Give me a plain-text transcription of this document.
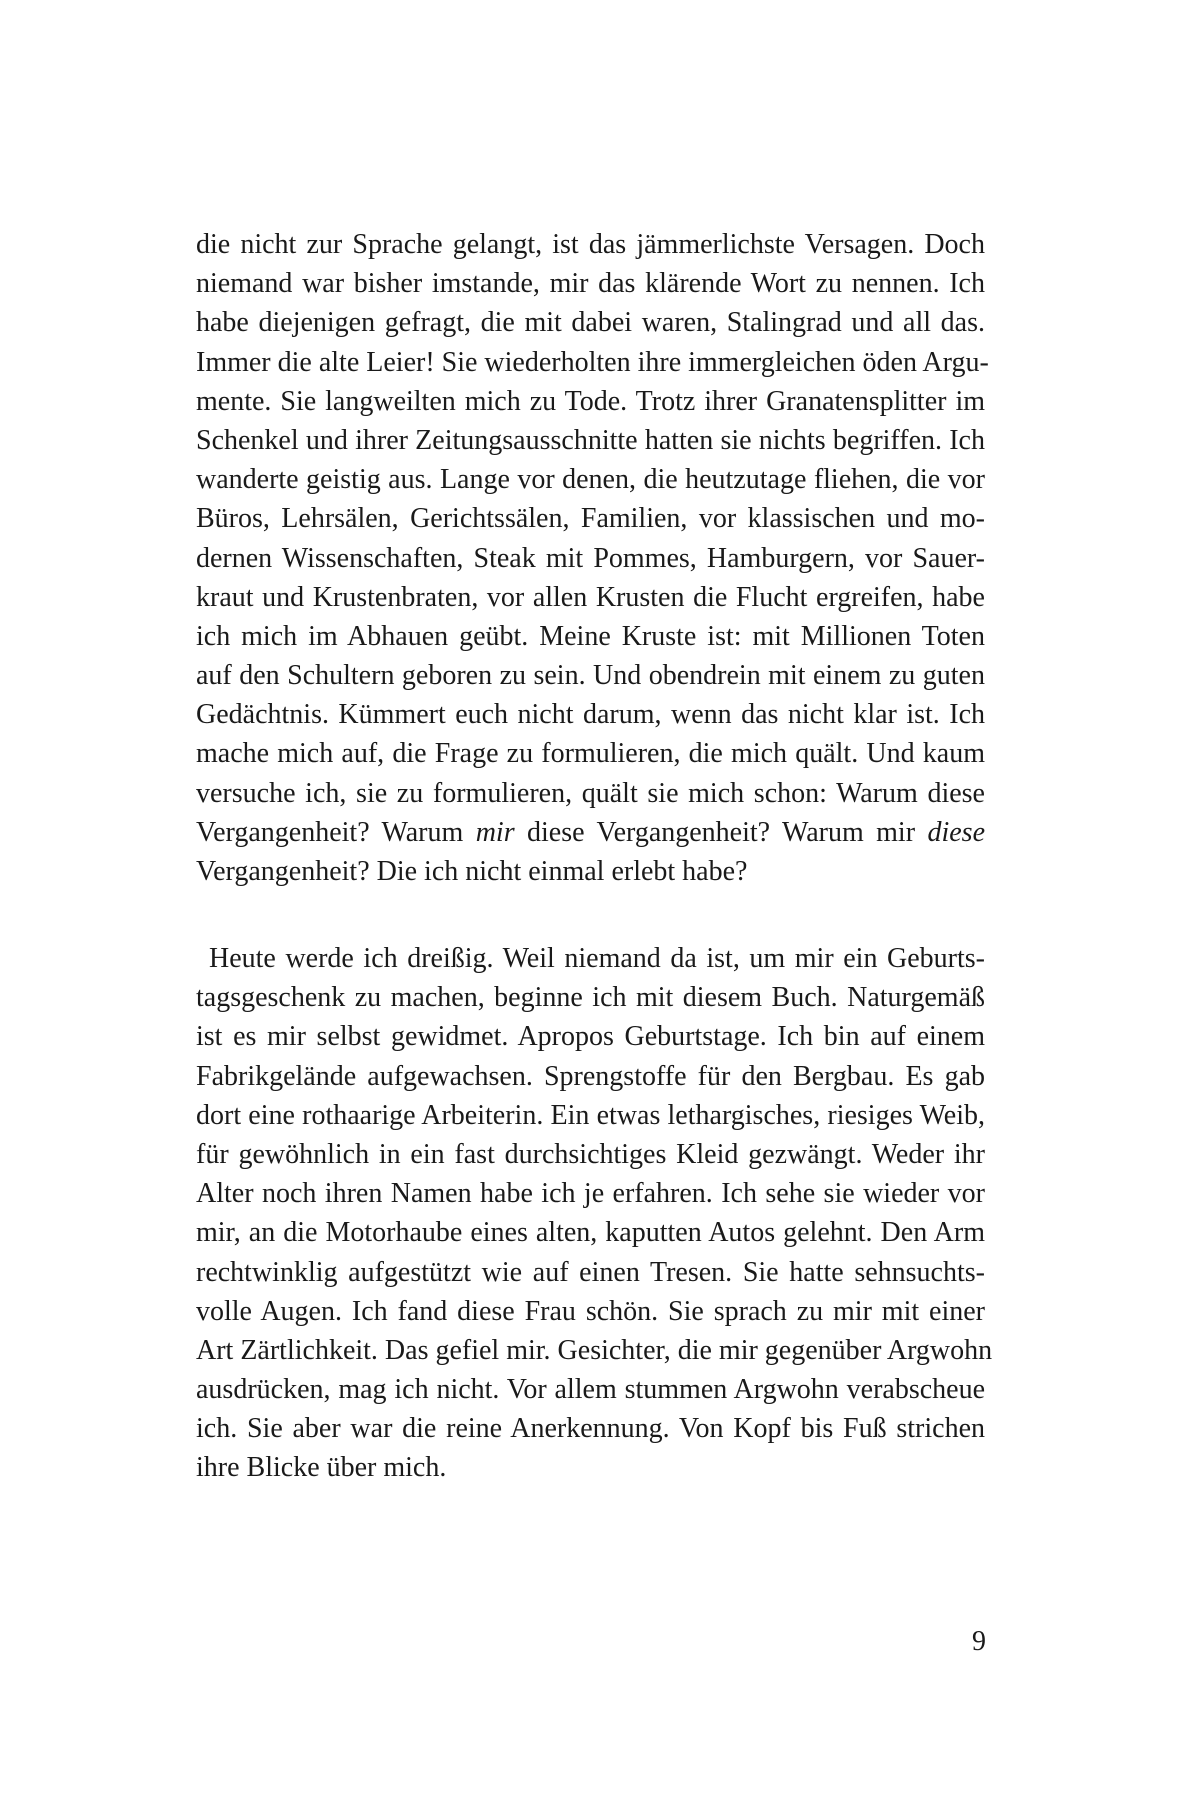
die nicht zur Sprache gelangt, ist das jämmerlichste Versagen. Doch
niemand war bisher imstande, mir das klärende Wort zu nennen. Ich
habe diejenigen gefragt, die mit dabei waren, Stalingrad und all das.
Immer die alte Leier! Sie wiederholten ihre immergleichen öden Argu-
mente. Sie langweilten mich zu Tode. Trotz ihrer Granatensplitter im
Schenkel und ihrer Zeitungsausschnitte hatten sie nichts begriffen. Ich
wanderte geistig aus. Lange vor denen, die heutzutage fliehen, die vor
Büros, Lehrsälen, Gerichtssälen, Familien, vor klassischen und mo-
dernen Wissenschaften, Steak mit Pommes, Hamburgern, vor Sauer-
kraut und Krustenbraten, vor allen Krusten die Flucht ergreifen, habe
ich mich im Abhauen geübt. Meine Kruste ist: mit Millionen Toten
auf den Schultern geboren zu sein. Und obendrein mit einem zu guten
Gedächtnis. Kümmert euch nicht darum, wenn das nicht klar ist. Ich
mache mich auf, die Frage zu formulieren, die mich quält. Und kaum
versuche ich, sie zu formulieren, quält sie mich schon: Warum diese
Vergangenheit? Warum mir diese Vergangenheit? Warum mir diese
Vergangenheit? Die ich nicht einmal erlebt habe?
Heute werde ich dreißig. Weil niemand da ist, um mir ein Geburts-
tagsgeschenk zu machen, beginne ich mit diesem Buch. Naturgemäß
ist es mir selbst gewidmet. Apropos Geburtstage. Ich bin auf einem
Fabrikgelände aufgewachsen. Sprengstoffe für den Bergbau. Es gab
dort eine rothaarige Arbeiterin. Ein etwas lethargisches, riesiges Weib,
für gewöhnlich in ein fast durchsichtiges Kleid gezwängt. Weder ihr
Alter noch ihren Namen habe ich je erfahren. Ich sehe sie wieder vor
mir, an die Motorhaube eines alten, kaputten Autos gelehnt. Den Arm
rechtwinklig aufgestützt wie auf einen Tresen. Sie hatte sehnsuchts-
volle Augen. Ich fand diese Frau schön. Sie sprach zu mir mit einer
Art Zärtlichkeit. Das gefiel mir. Gesichter, die mir gegenüber Argwohn
ausdrücken, mag ich nicht. Vor allem stummen Argwohn verabscheue
ich. Sie aber war die reine Anerkennung. Von Kopf bis Fuß strichen
ihre Blicke über mich.
9
